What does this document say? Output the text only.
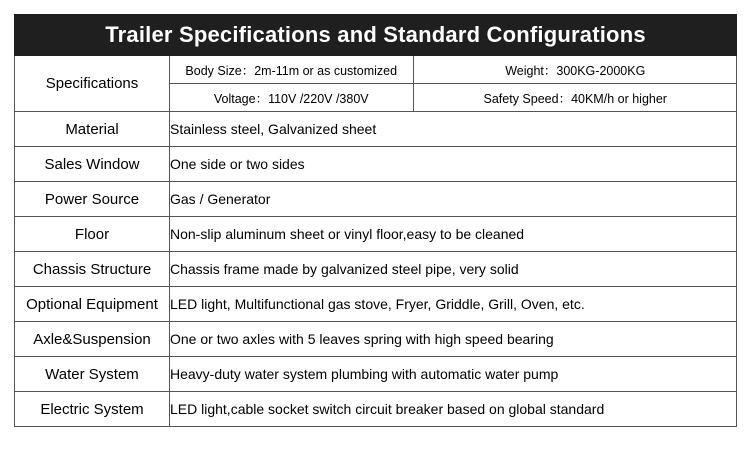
Trailer Specifications and Standard Configurations
Specifications	
Body Size：2m-11m or as customized	Weight：300KG-2000KG
Voltage：110V /220V /380V	Safety Speed：40KM/h or higher

Material	Stainless steel, Galvanized sheet
Sales Window	One side or two sides
Power Source	Gas / Generator
Floor	Non-slip aluminum sheet or vinyl floor,easy to be cleaned
Chassis Structure	Chassis frame made by galvanized steel pipe, very solid
Optional Equipment	LED light, Multifunctional gas stove, Fryer, Griddle, Grill, Oven, etc.
Axle&Suspension	One or two axles with 5 leaves spring with high speed bearing
Water System	Heavy-duty water system plumbing with automatic water pump
Electric System	LED light,cable socket switch circuit breaker based on global standard
